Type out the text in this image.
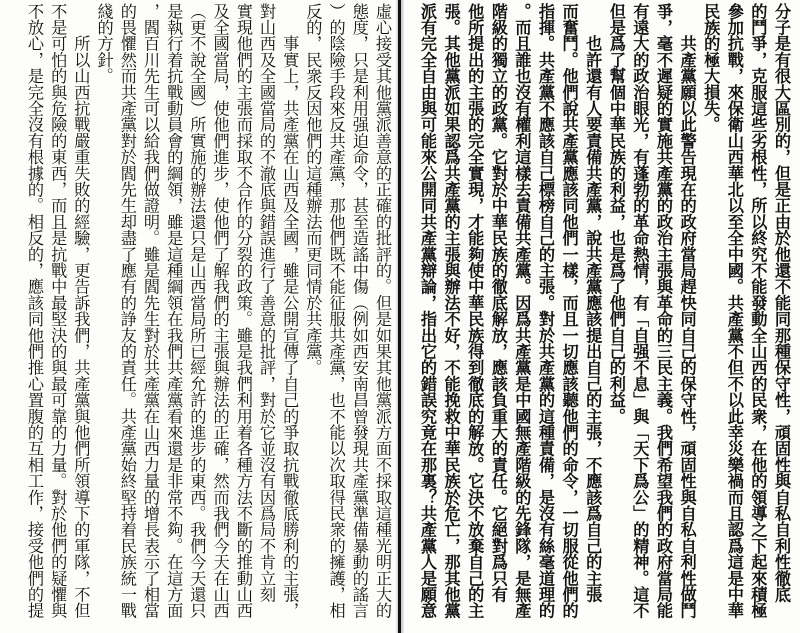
分子是有很大區別的，但是正由於他還不能同那種保守性，頑固性與自私自利性徹底
的鬥爭，克服這些劣根性，所以終究不能發動全山西的民衆，在他的領導之下起來積極
參加抗戰，來保衛山西華北以至全中國。共產黨不但不以此幸災樂禍而且認爲這是中華
民族的極大損失。
　　共產黨願以此警告現在的政府當局趕快同自己的保守性，頑固性與自私自利性做鬥
爭，毫不遲疑的實施共產黨的政治主張與革命的三民主義。我們希望我們的政府當局能
有遠大的政治眼光，有蓬勃的革命熱情，有「自强不息」與「天下爲公」的精神。這不
但是爲了幫個中華民族的利益，也是爲了他們自己的利益。
　　也許還有人要責備共產黨，說共產黨應該提出自己的主張，不應該爲自己的主張
而奮鬥。他們說共產黨應該同他們一樣，而且一切應該聽他們的命令，一切服從他們的
指揮。共產黨不應該自己標榜自己的主張。對於共產黨的這種責備，是沒有絲毫道理的
。而且誰也沒有權利這樣去責備共產黨。因爲共產黨是中國無產階級的先鋒隊，是無產
階級的獨立的政黨。它對於中華民族的徹底解放，應該負重大的責任。它絕對爲只有
他所提出的主張的完全實現，才能夠使中華民族得到徹底的解放。它決不放棄自己的主
張。其他黨派如果認爲共產黨的主張與辦法不好，不能挽救中華民族於危亡，那其他黨
派有完全自由與可能來公開同共產黨辯論，指出它的錯誤究竟在那裏？共產黨人是願意
虛心接受其他黨派善意的正確的批評的。但是如果其他黨派方面不採取這種光明正大的
態度，只是利用强迫命令，甚至造謠中傷（例如西安南昌曾發現共產黨準備暴動的謠言
）的陰險手段來反共產黨，那他們既不能征服共產黨，也不能以次取得民衆的擁護，相
反的，民衆反因他們的這種辦法而更同情於共產黨。
　　事實上，共產黨在山西及全國，雖是公開宣傳了自己的爭取抗戰徹底勝利的主張，
對山西及全國當局的不澈底與錯誤進行了善意的批評，對於它並沒有因爲局不肯立刻
實現他們的主張而採取不合作的分裂的政策。雖是我們利用着各種方法不斷的推動山西
及全國當局，使他們進步，使他們了解我們的主張與辦法的正確，然而我們今天在山西
（更不說全國）所實施的辦法還只是山西當局所已經允許的進步的東西。我們今天還只
是執行着抗戰動員會的綱領，雖是這種綱領在我們共產黨看來還是非常不夠。在這方面
，閻百川先生可以給我們做證明。雖是閻先生對於共產黨在山西力量的增長表示了相當
的畏懼然而共產黨對於閻先生却盡了應有的諍友的責任。共產黨始終堅持着民族統一戰
綫的方針。
　　所以山西抗戰嚴重失敗的經驗，更告訴我們，共產黨與他們所領導下的軍隊，不但
不是可怕的與危險的東西，而且是抗戰中最堅決的與最可靠的力量。對於他們的疑懼與
不放心，是完全沒有根據的。相反的，應該同他們推心置腹的互相工作，接受他們的提
